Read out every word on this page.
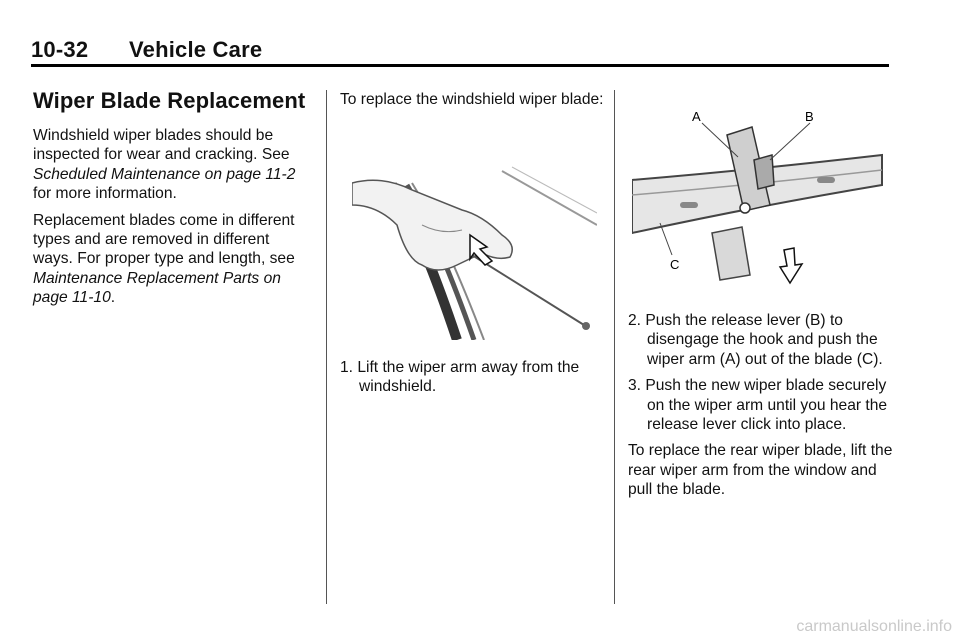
10-32 Vehicle Care
Wiper Blade Replacement

Windshield wiper blades should be inspected for wear and cracking. See Scheduled Maintenance on page 11-2 for more information.

Replacement blades come in different types and are removed in different ways. For proper type and length, see Maintenance Replacement Parts on page 11-10.

To replace the windshield wiper blade:

1. Lift the wiper arm away from the windshield.

A	B
C

2. Push the release lever (B) to disengage the hook and push the wiper arm (A) out of the blade (C).

3. Push the new wiper blade securely on the wiper arm until you hear the release lever click into place.

To replace the rear wiper blade, lift the rear wiper arm from the window and pull the blade.

carmanualsonline.info
